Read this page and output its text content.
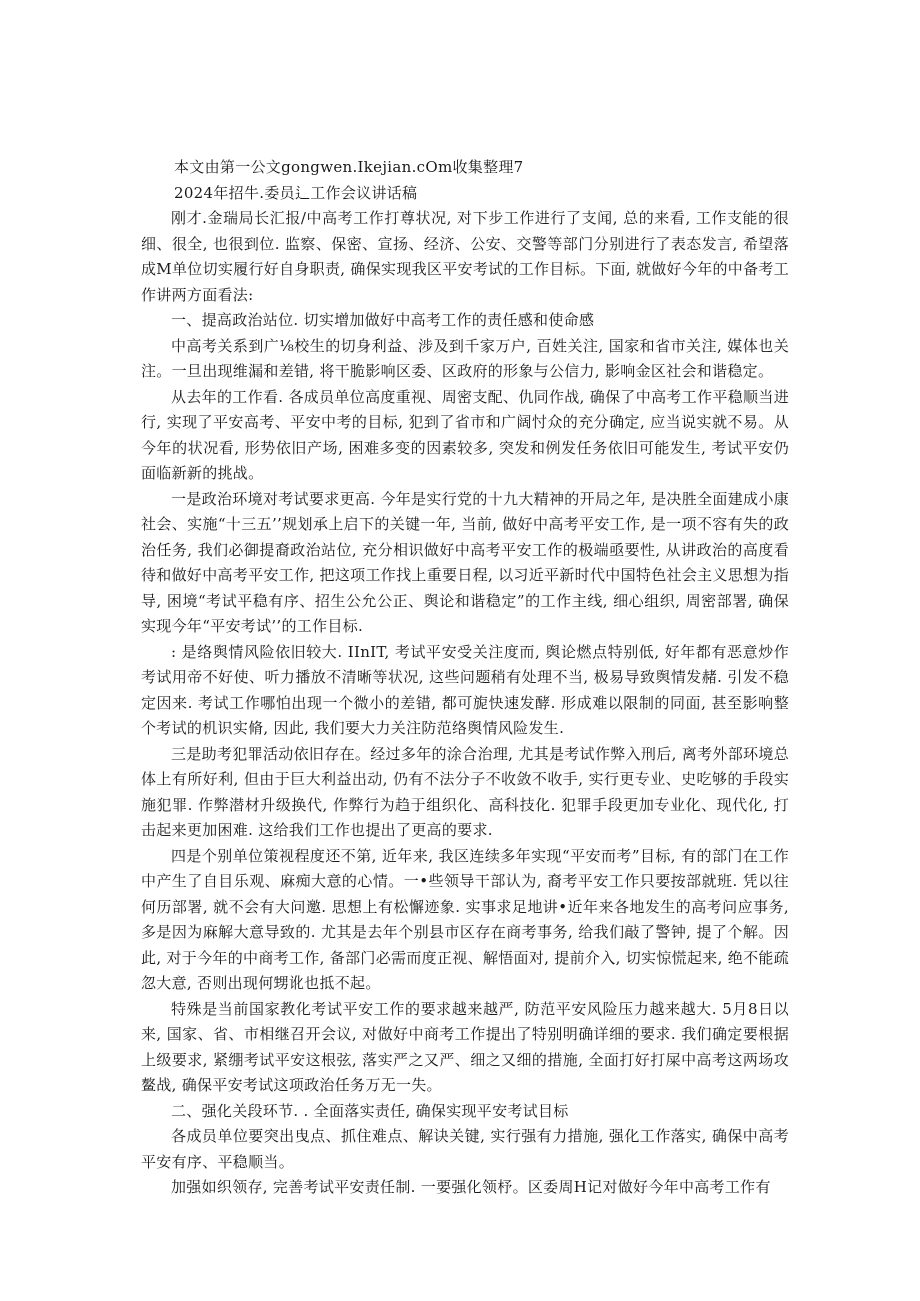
本文由第一公文gongwen.Ikejian.cOm收集整理7

2024年招牛.委员⻍工作会议讲话稿

刚才.金瑞局长汇报/中高考工作打尊状况, 对下步工作进行了支闻, 总的来看, 工作支能的很细、很全, 也很到位. 监察、保密、宣扬、经济、公安、交警等部门分别进行了表态发言, 希望落成M单位切实履行好自身职责, 确保实现我区平安考试的工作目标。下面, 就做好今年的中备考工作讲两方面看法:

一、提高政治站位. 切实增加做好中高考工作的责任感和使命感

中高考关系到广⅛校生的切身利益、涉及到千家万户, 百姓关注, 国家和省市关注, 媒体也关注。一旦出现维漏和差错, 将干脆影响区委、区政府的形象与公信力, 影响金区社会和谐稳定。

从去年的工作看. 各成员单位高度重视、周密支配、仇同作战, 确保了中高考工作平稳顺当进行, 实现了平安高考、平安中考的目标, 犯到了省市和广阔忖众的充分确定, 应当说实就不易。从今年的状况看, 形势依旧产场, 困难多变的因素较多, 突发和例发任务依旧可能发生, 考试平安仍面临新新的挑战。

一是政治环境对考试要求更高. 今年是实行党的十九大精神的开局之年, 是决胜全面建成小康社会、实施“十三五’’规划承上启下的关键一年, 当前, 做好中高考平安工作, 是一项不容有失的政治任务, 我们必御提裔政治站位, 充分相识做好中高考平安工作的极端亟要性, 从讲政治的高度看待和做好中高考平安工作, 把这项工作找上重要日程, 以习近平新时代中国特色社会主义思想为指导, 困境“考试平稳有序、招生公允公正、舆论和谐稳定”的工作主线, 细心组织, 周密部署, 确保实现今年“平安考试’’的工作目标.

: 是络舆情风险依旧较大. IInIT, 考试平安受关注度而, 舆论燃点特别低, 好年都有恶意炒作考试用帝不好使、听力播放不清晰等状况, 这些问题稍有处理不当, 极易导致舆情发赭. 引发不稳定因来. 考试工作哪怕出现一个微小的差错, 都可旎快速发酵. 形成难以限制的同面, 甚至影响整个考试的机识实脩, 因此, 我们要大力关注防范络舆情风险发生.

三是助考犯罪活动依旧存在。经过多年的涂合治理, 尤其是考试作弊入刑后, 离考外部环境总体上有所好利, 但由于巨大利益出动, 仍有不法分子不收敛不收手, 实行更专业、史吃够的手段实施犯罪. 作弊潜材升级换代, 作弊行为趋于组织化、高科技化. 犯罪手段更加专业化、现代化, 打击起来更加困难. 这给我们工作也提出了更高的要求.

四是个别单位策视程度还不第, 近年来, 我区连续多年实现“平安而考”目标, 有的部门在工作中产生了自目乐观、麻痴大意的心情。一•些领导干部认为, 裔考平安工作只要按部就班. 凭以往何历部署, 就不会有大问邀. 思想上有松懈迹象. 实事求足地讲•近年来各地发生的高考问应事务, 多是因为麻解大意导致的. 尤其是去年个别县市区存在商考事务, 给我们敲了警钟, 提了个解。因此, 对于今年的中商考工作, 备部门必需而度正视、解悟面对, 提前介入, 切实惊慌起来, 绝不能疏忽大意, 否则出现何甥讹也抵不起。

特殊是当前国家教化考试平安工作的要求越来越严, 防范平安风险压力越来越大. 5月8日以来, 国家、省、市相继召开会议, 对做好中商考工作提出了特别明确详细的要求. 我们确定要根据上级要求, 紧绷考试平安这根弦, 落实严之又严、细之又细的措施, 全面打好打屎中高考这两场攻鳌战, 确保平安考试这项政治任务万无一失。

二、强化关段环节. . 全面落实责任, 确保实现平安考试目标

各成员单位要突出曳点、抓住难点、解诀关键, 实行强有力措施, 强化工作落实, 确保中高考平安有序、平稳顺当。

加强如织领存, 完善考试平安责任制. 一要强化领杼。区委周H记对做好今年中高考工作有
